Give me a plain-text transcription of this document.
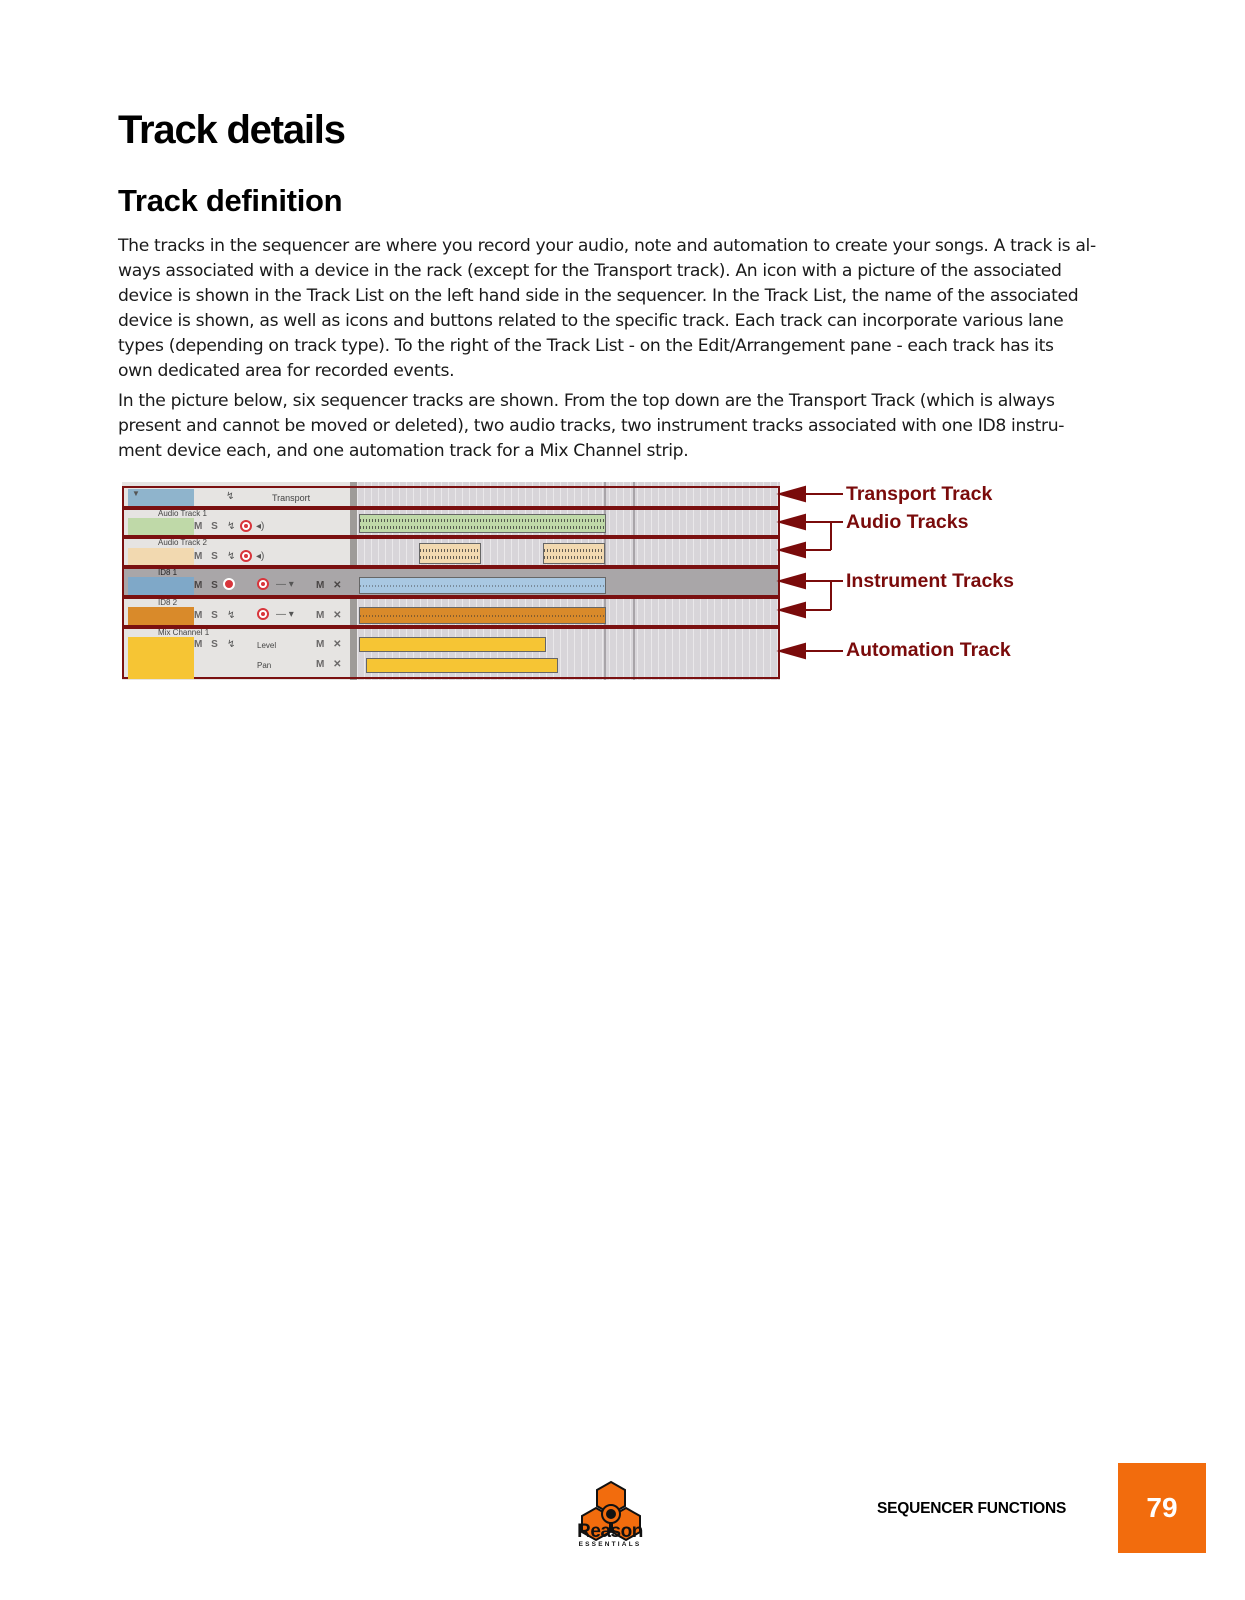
Track details
Track definition

The tracks in the sequencer are where you record your audio, note and automation to create your songs. A track is al-
ways associated with a device in the rack (except for the Transport track). An icon with a picture of the associated
device is shown in the Track List on the left hand side in the sequencer. In the Track List, the name of the associated
device is shown, as well as icons and buttons related to the specific track. Each track can incorporate various lane
types (depending on track type). To the right of the Track List - on the Edit/Arrangement pane - each track has its
own dedicated area for recorded events.

In the picture below, six sequencer tracks are shown. From the top down are the Transport Track (which is always
present and cannot be moved or deleted), two audio tracks, two instrument tracks associated with one ID8 instru-
ment device each, and one automation track for a Mix Channel strip.

▼	↯	Transport
Audio Track 1
M S ↯ ◂)
Audio Track 2
M S ↯ ◂)
ID8 1
M S	— ▾ M ✕
ID8 2
M S ↯	— ▾ M ✕
Mix Channel 1
M S ↯	Level	M ✕
Pan	M ✕
Transport Track
Audio Tracks
Instrument Tracks
Automation Track
Reason
ESSENTIALS
SEQUENCER FUNCTIONS	79
